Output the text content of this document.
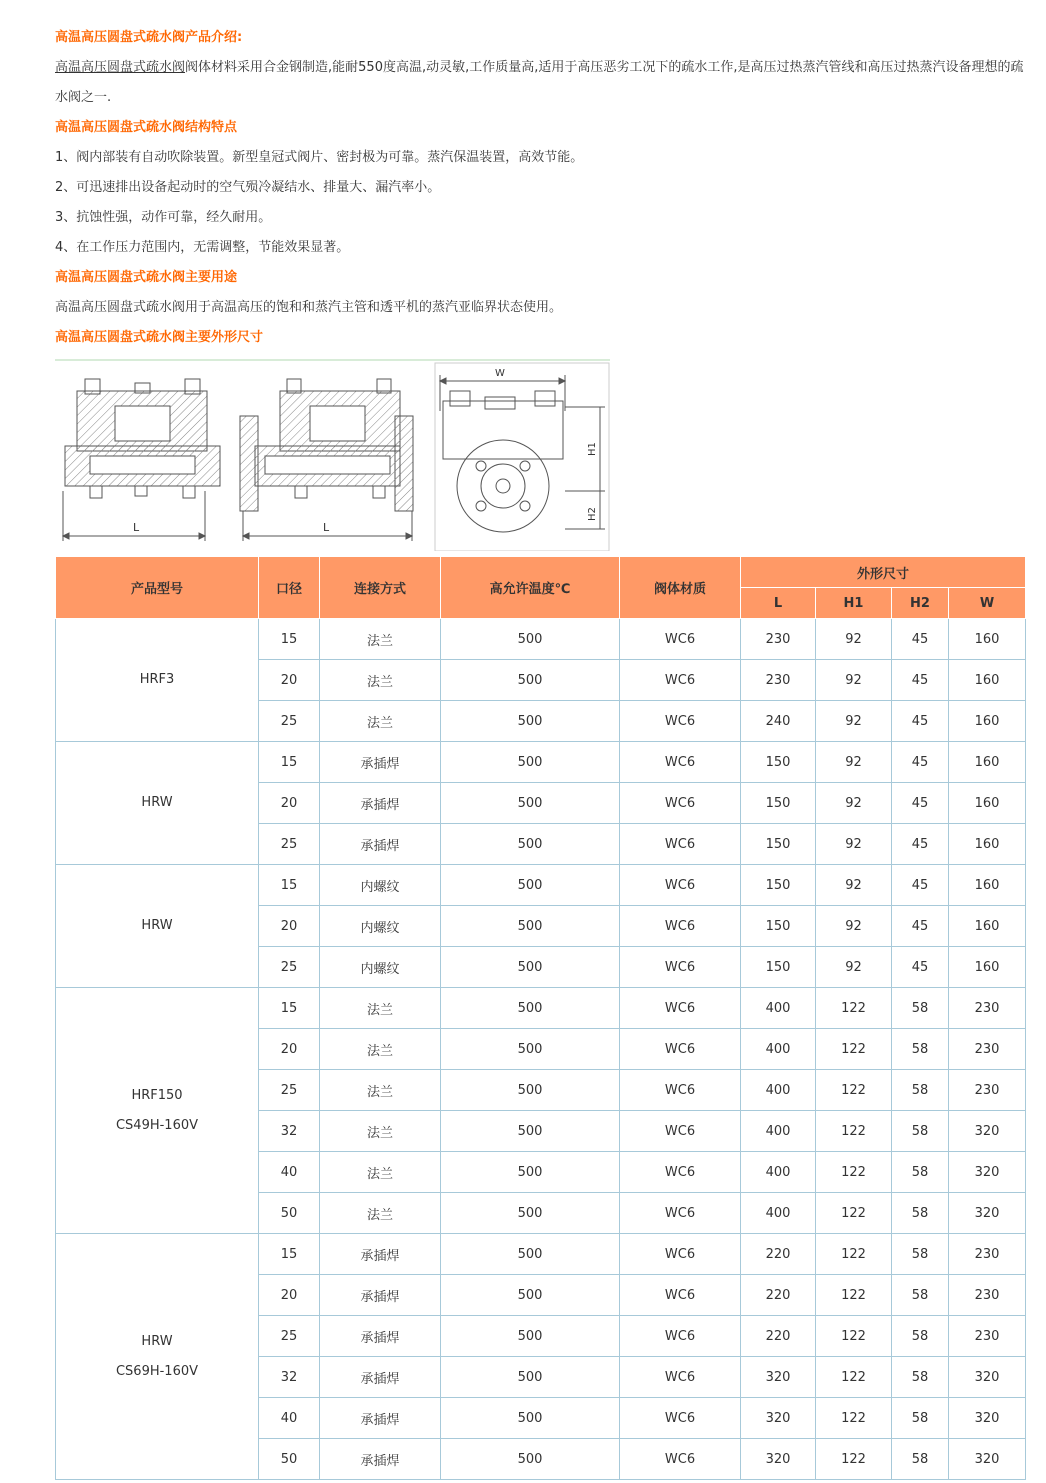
高温高压圆盘式疏水阀产品介绍:

高温高压圆盘式疏水阀阀体材料采用合金钢制造,能耐550度高温,动灵敏,工作质量高,适用于高压恶劣工况下的疏水工作,是高压过热蒸汽管线和高压过热蒸汽设备理想的疏水阀之一.

高温高压圆盘式疏水阀结构特点

1、阀内部装有自动吹除装置。新型皇冠式阀片、密封极为可靠。蒸汽保温装置，高效节能。

2、可迅速排出设备起动时的空气殒冷凝结水、排量大、漏汽率小。

3、抗蚀性强，动作可靠，经久耐用。

4、在工作压力范围内，无需调整，节能效果显著。

高温高压圆盘式疏水阀主要用途

高温高压圆盘式疏水阀用于高温高压的饱和和蒸汽主管和透平机的蒸汽亚临界状态使用。

高温高压圆盘式疏水阀主要外形尺寸

L	L
W
H1
H2
产品型号	口径	连接方式	高允许温度℃	阀体材质	外形尺寸			
					L	H1	H2	W

HRF3	15	法兰	500	WC6	230	92	45	160
	20	法兰	500	WC6	230	92	45	160
	25	法兰	500	WC6	240	92	45	160

HRW	15	承插焊	500	WC6	150	92	45	160
	20	承插焊	500	WC6	150	92	45	160
	25	承插焊	500	WC6	150	92	45	160

HRW	15	内螺纹	500	WC6	150	92	45	160
	20	内螺纹	500	WC6	150	92	45	160
	25	内螺纹	500	WC6	150	92	45	160

HRF150
CS49H-160V	15	法兰	500	WC6	400	122	58	230
	20	法兰	500	WC6	400	122	58	230
	25	法兰	500	WC6	400	122	58	230
	32	法兰	500	WC6	400	122	58	320
	40	法兰	500	WC6	400	122	58	320
	50	法兰	500	WC6	400	122	58	320

HRW
CS69H-160V	15	承插焊	500	WC6	220	122	58	230
	20	承插焊	500	WC6	220	122	58	230
	25	承插焊	500	WC6	220	122	58	230
	32	承插焊	500	WC6	320	122	58	320
	40	承插焊	500	WC6	320	122	58	320
	50	承插焊	500	WC6	320	122	58	320
